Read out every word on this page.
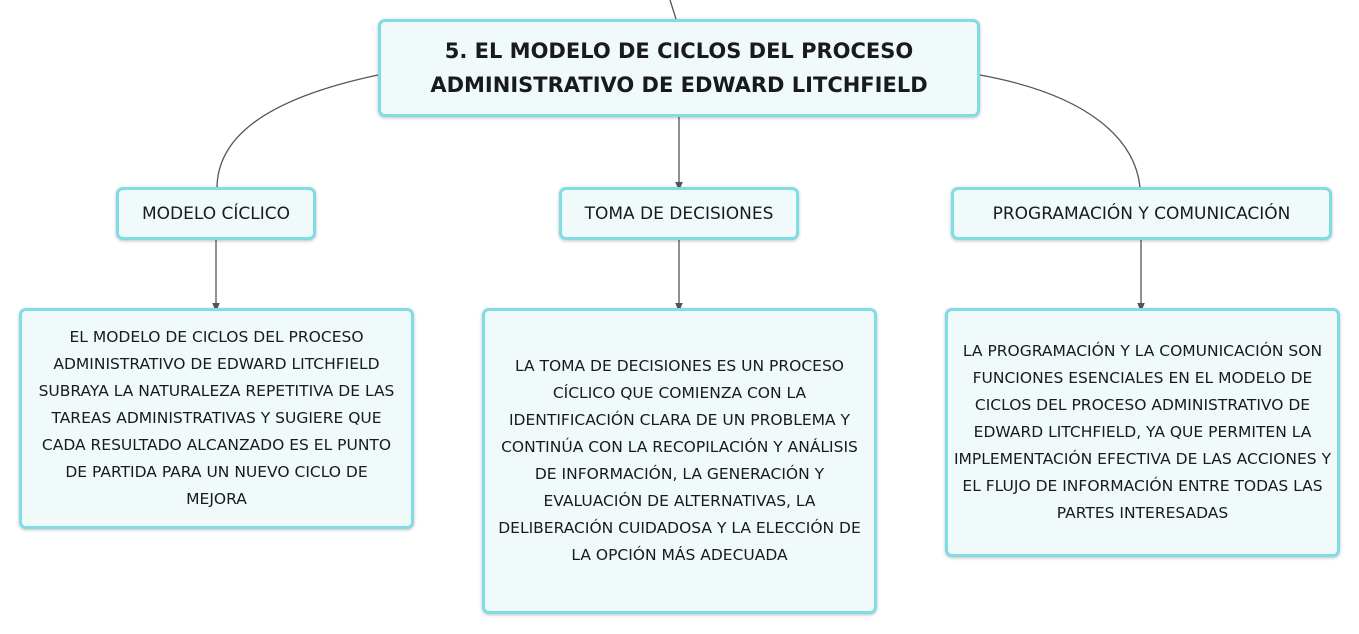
5. EL MODELO DE CICLOS DEL PROCESO ADMINISTRATIVO DE EDWARD LITCHFIELD
MODELO CÍCLICO	TOMA DE DECISIONES	PROGRAMACIÓN Y COMUNICACIÓN
EL MODELO DE CICLOS DEL PROCESO ADMINISTRATIVO DE EDWARD LITCHFIELD SUBRAYA LA NATURALEZA REPETITIVA DE LAS TAREAS ADMINISTRATIVAS Y SUGIERE QUE CADA RESULTADO ALCANZADO ES EL PUNTO DE PARTIDA PARA UN NUEVO CICLO DE MEJORA
LA TOMA DE DECISIONES ES UN PROCESO CÍCLICO QUE COMIENZA CON LA IDENTIFICACIÓN CLARA DE UN PROBLEMA Y CONTINÚA CON LA RECOPILACIÓN Y ANÁLISIS DE INFORMACIÓN, LA GENERACIÓN Y EVALUACIÓN DE ALTERNATIVAS, LA DELIBERACIÓN CUIDADOSA Y LA ELECCIÓN DE LA OPCIÓN MÁS ADECUADA
LA PROGRAMACIÓN Y LA COMUNICACIÓN SON FUNCIONES ESENCIALES EN EL MODELO DE CICLOS DEL PROCESO ADMINISTRATIVO DE EDWARD LITCHFIELD, YA QUE PERMITEN LA IMPLEMENTACIÓN EFECTIVA DE LAS ACCIONES Y EL FLUJO DE INFORMACIÓN ENTRE TODAS LAS PARTES INTERESADAS
